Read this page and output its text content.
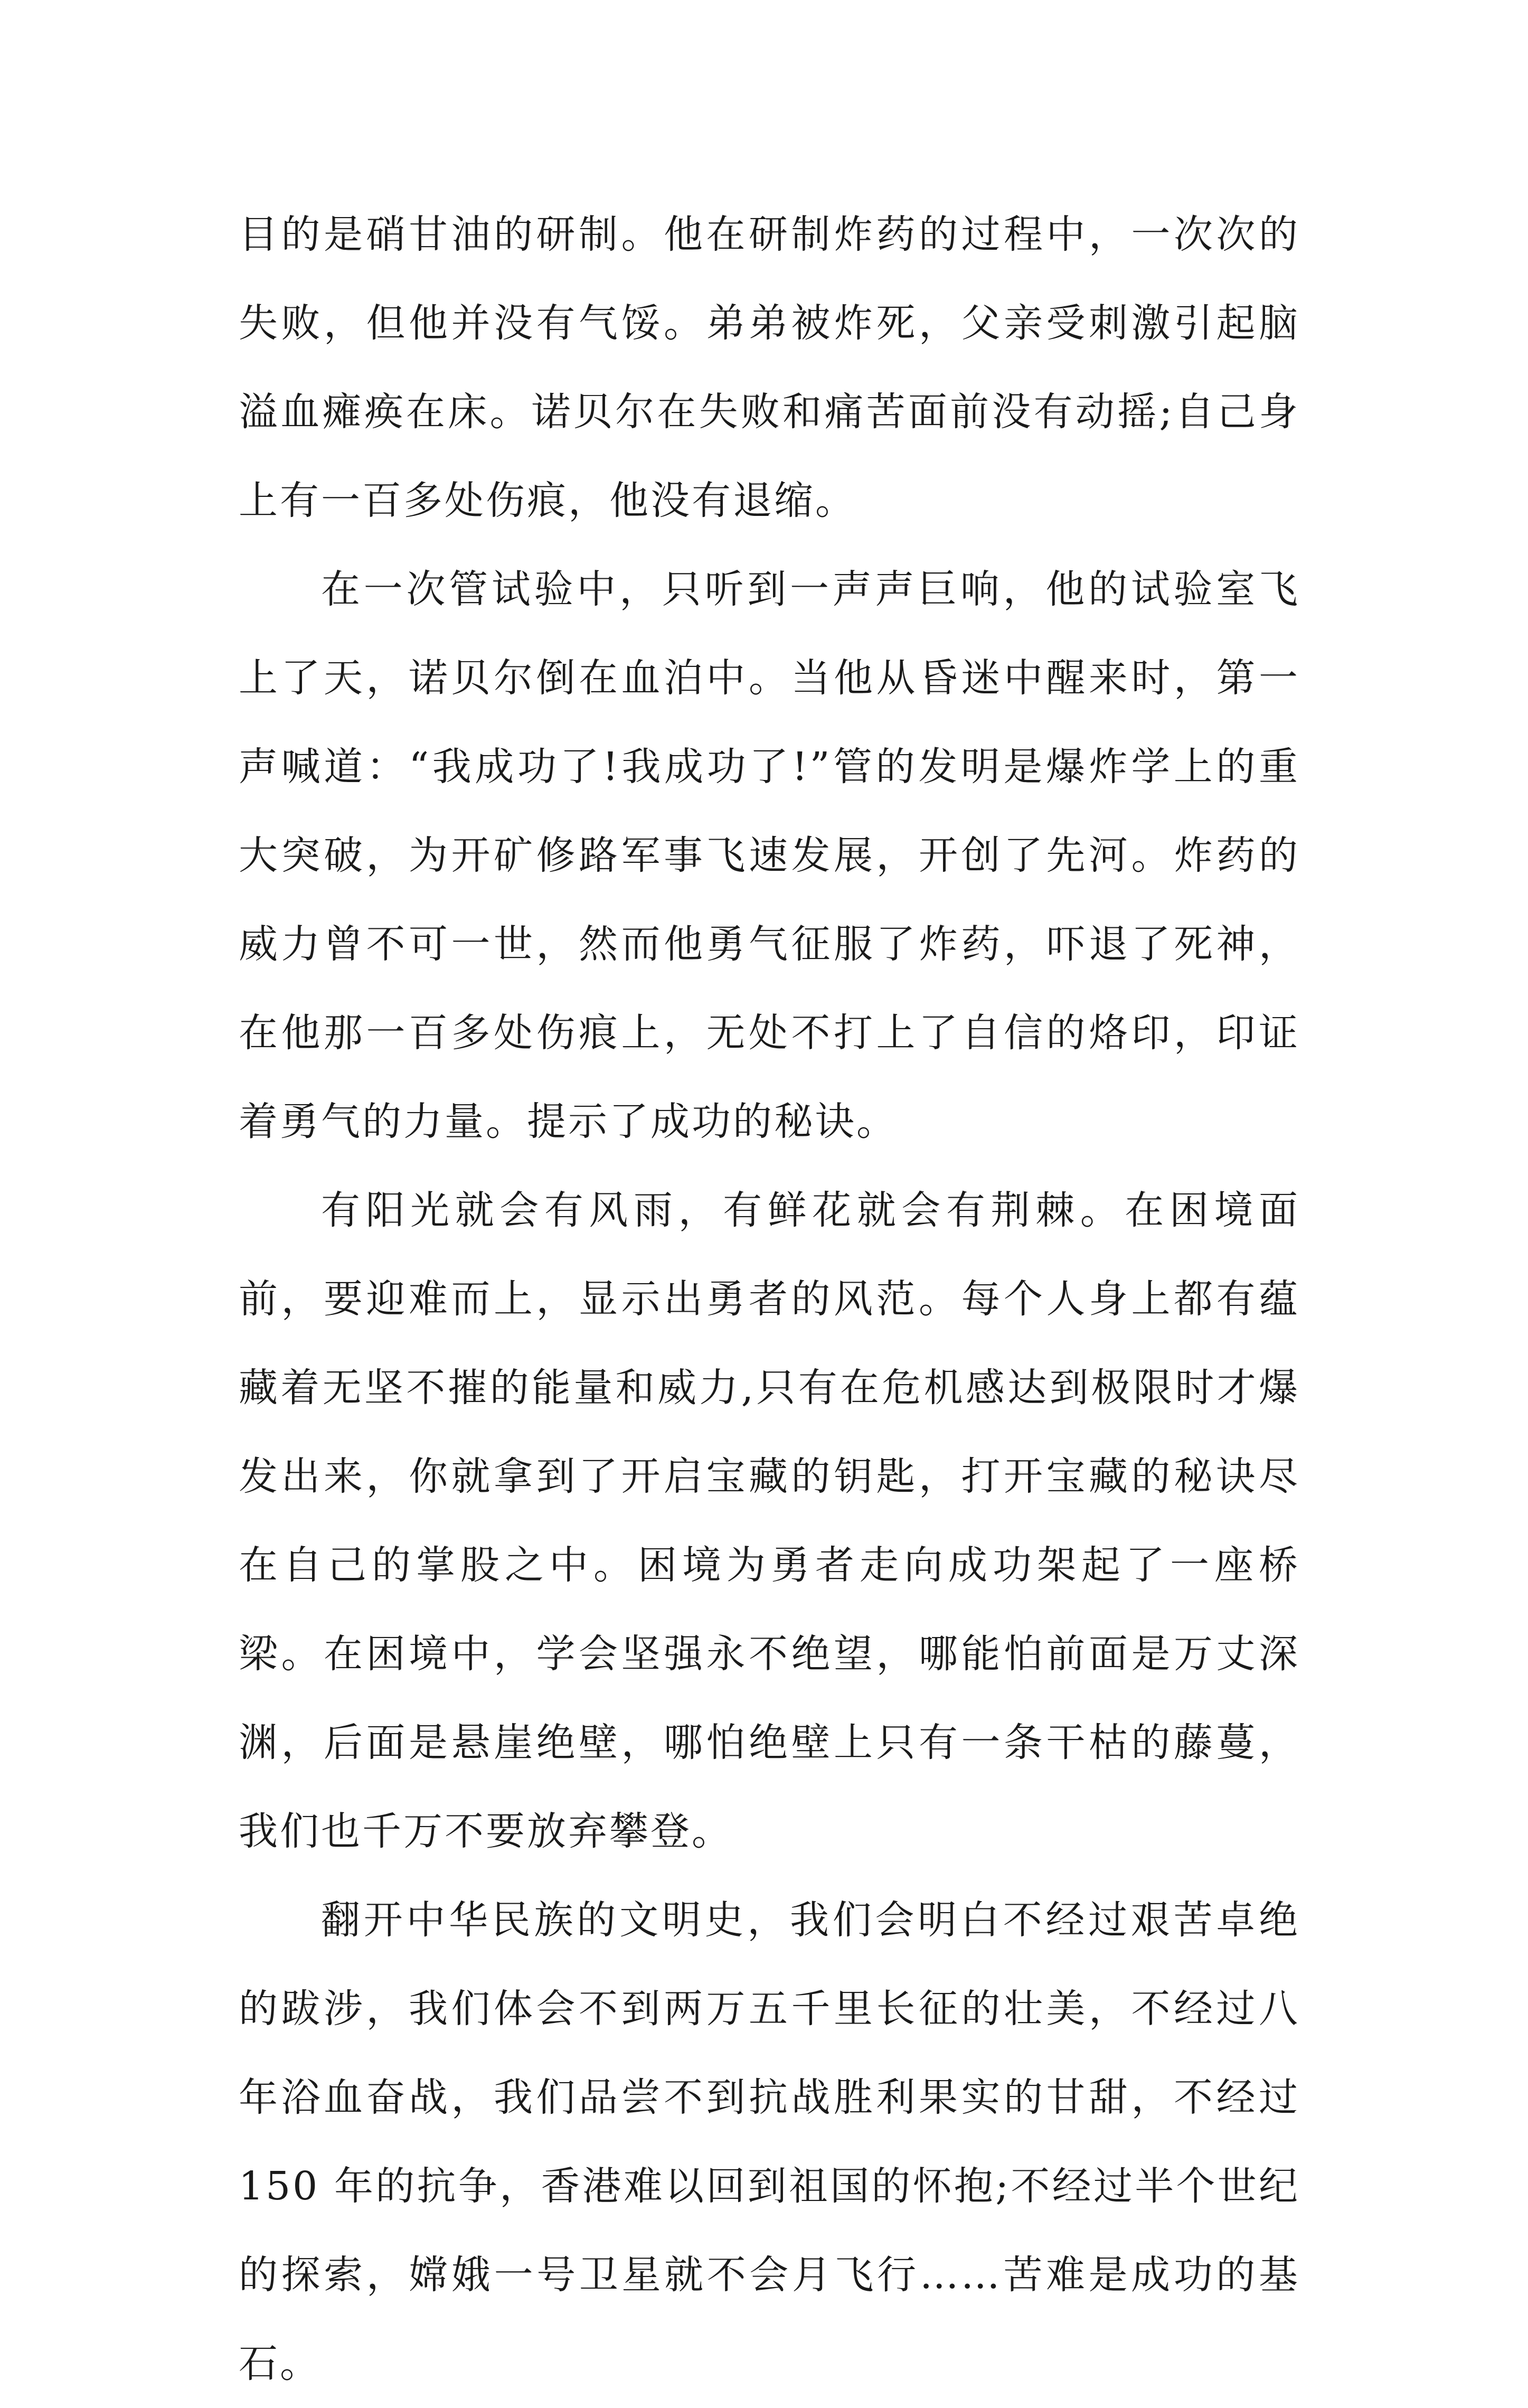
目的是硝甘油的研制。他在研制炸药的过程中，一次次的失败，但他并没有气馁。弟弟被炸死，父亲受刺激引起脑溢血瘫痪在床。诺贝尔在失败和痛苦面前没有动摇;自己身上有一百多处伤痕，他没有退缩。

在一次管试验中，只听到一声声巨响，他的试验室飞上了天，诺贝尔倒在血泊中。当他从昏迷中醒来时，第一声喊道：“我成功了!我成功了!”管的发明是爆炸学上的重大突破，为开矿修路军事飞速发展，开创了先河。炸药的威力曾不可一世，然而他勇气征服了炸药，吓退了死神，在他那一百多处伤痕上，无处不打上了自信的烙印，印证着勇气的力量。提示了成功的秘诀。

有阳光就会有风雨，有鲜花就会有荆棘。在困境面前，要迎难而上，显示出勇者的风范。每个人身上都有蕴藏着无坚不摧的能量和威力,只有在危机感达到极限时才爆发出来，你就拿到了开启宝藏的钥匙，打开宝藏的秘诀尽在自己的掌股之中。困境为勇者走向成功架起了一座桥梁。在困境中，学会坚强永不绝望，哪能怕前面是万丈深渊，后面是悬崖绝壁，哪怕绝壁上只有一条干枯的藤蔓，我们也千万不要放弃攀登。

翻开中华民族的文明史，我们会明白不经过艰苦卓绝的跋涉，我们体会不到两万五千里长征的壮美，不经过八年浴血奋战，我们品尝不到抗战胜利果实的甘甜，不经过 150 年的抗争，香港难以回到祖国的怀抱;不经过半个世纪的探索，嫦娥一号卫星就不会月飞行……苦难是成功的基石。
